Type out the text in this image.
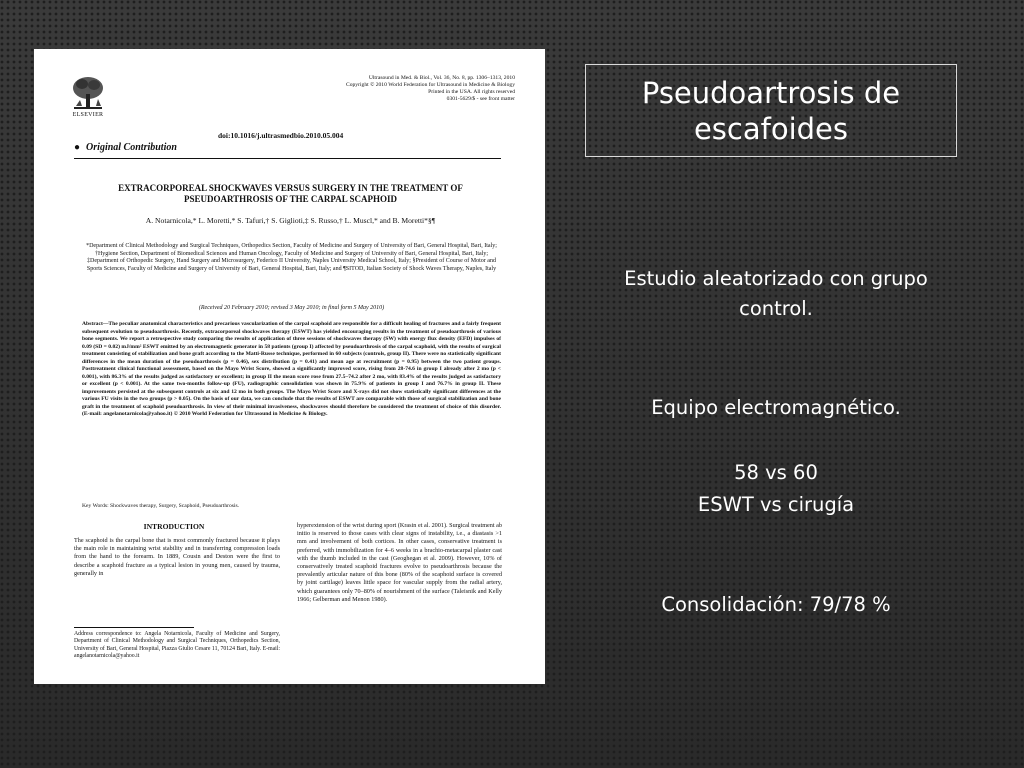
ELSEVIER
Ultrasound in Med. & Biol., Vol. 36, No. 8, pp. 1306–1313, 2010
Copyright © 2010 World Federation for Ultrasound in Medicine & Biology
Printed in the USA. All rights reserved
0301-5629/$ - see front matter
doi:10.1016/j.ultrasmedbio.2010.05.004
● Original Contribution
EXTRACORPOREAL SHOCKWAVES VERSUS SURGERY IN THE TREATMENT OF PSEUDOARTHROSIS OF THE CARPAL SCAPHOID
A. Notarnicola,* L. Moretti,* S. Tafuri,† S. Giglioti,‡ S. Russo,† L. Muscl,* and B. Moretti*§¶
*Department of Clinical Methodology and Surgical Techniques, Orthopedics Section, Faculty of Medicine and Surgery of University of Bari, General Hospital, Bari, Italy; †Hygiene Section, Department of Biomedical Sciences and Human Oncology, Faculty of Medicine and Surgery of University of Bari, General Hospital, Bari, Italy; ‡Department of Orthopedic Surgery, Hand Surgery and Microsurgery, Federico II University, Naples University Medical School, Italy; §President of Course of Motor and Sports Sciences, Faculty of Medicine and Surgery of University of Bari, General Hospital, Bari, Italy; and ¶SITOD, Italian Society of Shock Waves Therapy, Naples, Italy
(Received 20 February 2010; revised 3 May 2010; in final form 5 May 2010)
Abstract—The peculiar anatomical characteristics and precarious vascularization of the carpal scaphoid are responsible for a difficult healing of fractures and a fairly frequent subsequent evolution to pseudoarthrosis. Recently, extracorporeal shockwaves therapy (ESWT) has yielded encouraging results in the treatment of pseudoarthrosis of various bone segments. We report a retrospective study comparing the results of application of three sessions of shockwaves therapy (SW) with energy flux density (EFD) impulses of 0.09 (SD = 0.02) mJ/mm² ESWT emitted by an electromagnetic generator in 58 patients (group I) affected by pseudoarthrosis of the carpal scaphoid, with the results of surgical treatment consisting of stabilization and bone graft according to the Matti-Russe technique, performed in 60 subjects (controls, group II). There were no statistically significant differences in the mean duration of the pseudoarthrosis (p = 0.46), sex distribution (p = 0.41) and mean age at recruitment (p = 0.95) between the two patient groups. Posttreatment clinical functional assessment, based on the Mayo Wrist Score, showed a significantly improved score, rising from 28-74.6 in group I already after 2 mo (p < 0.001), with 86.3% of the results judged as satisfactory or excellent; in group II the mean score rose from 27.5–74.2 after 2 mo, with 83.4% of the results judged as satisfactory or excellent (p < 0.001). At the same two-months follow-up (FU), radiographic consolidation was shown in 75.9% of patients in group I and 76.7% in group II. These improvements persisted at the subsequent controls at six and 12 mo in both groups. The Mayo Wrist Score and X-rays did not show statistically significant differences at the various FU visits in the two groups (p > 0.05). On the basis of our data, we can conclude that the results of ESWT are comparable with those of surgical stabilization and bone graft in the treatment of scaphoid pseudoarthrosis. In view of their minimal invasiveness, shockwaves should therefore be considered the treatment of choice of this disorder. (E-mail: angelanotarnicola@yahoo.it) © 2010 World Federation for Ultrasound in Medicine & Biology.
Key Words: Shockwaves therapy, Surgery, Scaphoid, Pseudoarthrosis.
INTRODUCTION
The scaphoid is the carpal bone that is most commonly fractured because it plays the main role in maintaining wrist stability and in transferring compression loads from the hand to the forearm. In 1889, Cousin and Deston were the first to describe a scaphoid fracture as a typical lesion in young men, caused by trauma, generally in
hyperextension of the wrist during sport (Krasin et al. 2001). Surgical treatment ab initio is reserved to those cases with clear signs of instability, i.e., a diastasis >1 mm and involvement of both cortices. In other cases, conservative treatment is preferred, with immobilization for 4–6 weeks in a brachio-metacarpal plaster cast with the thumb included in the cast (Geoghegan et al. 2009). However, 10% of conservatively treated scaphoid fractures evolve to pseudoarthrosis because the prevalently articular nature of this bone (80% of the scaphoid surface is covered by joint cartilage) leaves little space for vascular supply from the radial artery, which guarantees only 70–80% of nourishment of the surface (Taleisnik and Kelly 1966; Gelberman and Menon 1980).
Address correspondence to: Angela Notarnicola, Faculty of Medicine and Surgery, Department of Clinical Methodology and Surgical Techniques, Orthopedics Section, University of Bari, General Hospital, Piazza Giulio Cesare 11, 70124 Bari, Italy. E-mail: angelanotarnicola@yahoo.it
Pseudoartrosis de escafoides
Estudio aleatorizado con grupo control.
Equipo electromagnético.
58 vs 60
ESWT vs cirugía
Consolidación: 79/78 %
